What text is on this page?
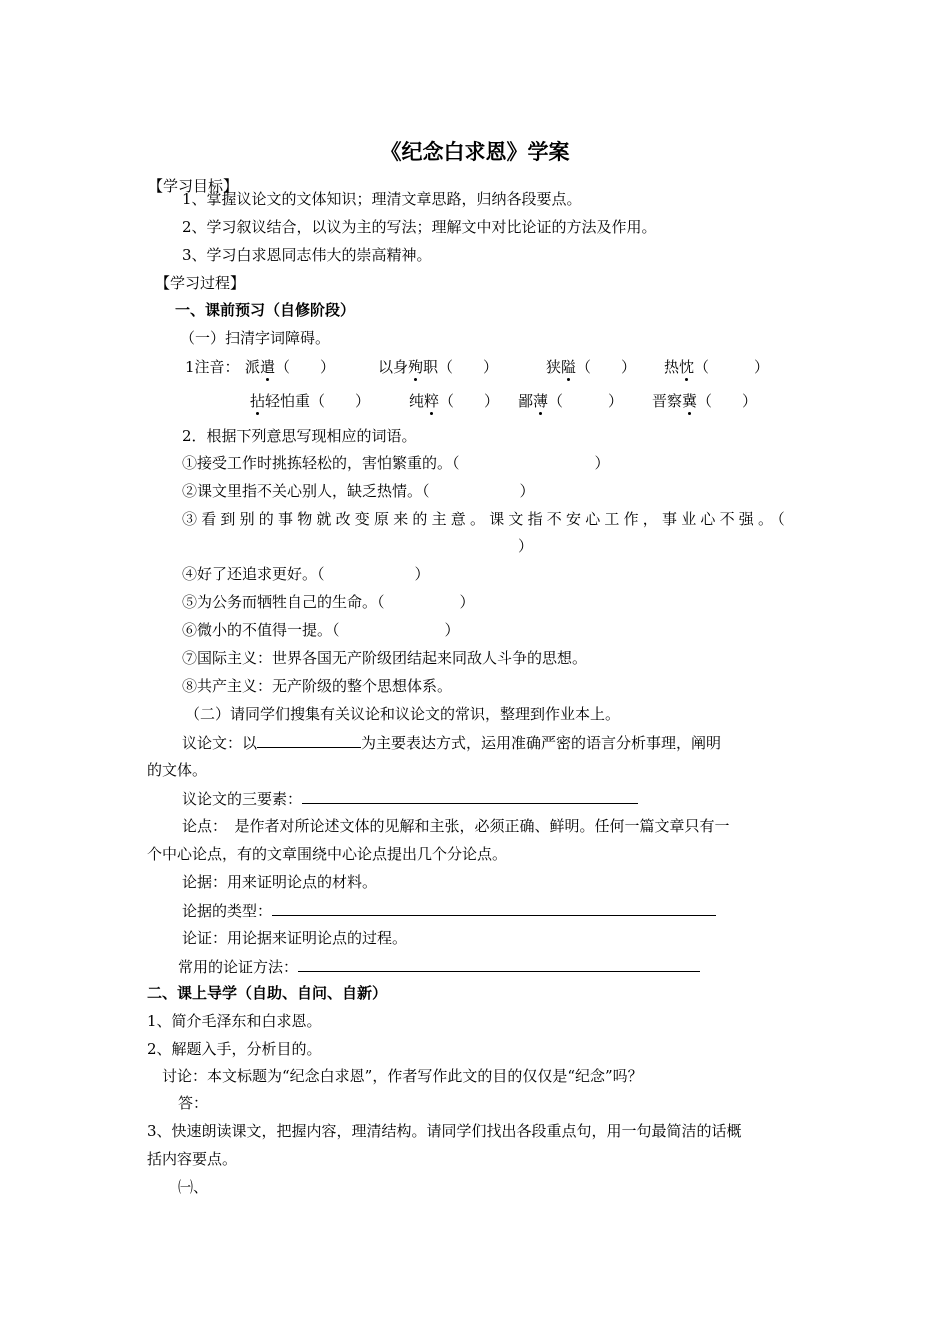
《纪念白求恩》学案
【学习目标】
1、掌握议论文的文体知识；理清文章思路，归纳各段要点。
2、学习叙议结合，以议为主的写法；理解文中对比论证的方法及作用。
3、学习白求恩同志伟大的崇高精神。
【学习过程】
一、课前预习（自修阶段）
（一）扫清字词障碍。
1注音： 派遣（　　）	以身殉职（　　）	狭隘（　　） 热忱（　　　）
拈轻怕重（　　）	纯粹（　　） 鄙薄（　　　） 晋察冀（　　）
2．根据下列意思写现相应的词语。
①接受工作时挑拣轻松的，害怕繁重的。（　　　　　　　　　）
②课文里指不关心别人，缺乏热情。（　　　　　　）
③看到别的事物就改变原来的主意。课文指不安心工作，事业心不强。（
）
④好了还追求更好。（　　　　　　）
⑤为公务而牺牲自己的生命。（　　　　　）
⑥微小的不值得一提。（　　　　　　　）
⑦国际主义：世界各国无产阶级团结起来同敌人斗争的思想。
⑧共产主义：无产阶级的整个思想体系。
（二）请同学们搜集有关议论和议论文的常识，整理到作业本上。
议论文：以	为主要表达方式，运用准确严密的语言分析事理，阐明
的文体。
议论文的三要素：
论点：　是作者对所论述文体的见解和主张，必须正确、鲜明。任何一篇文章只有一
个中心论点，有的文章围绕中心论点提出几个分论点。
论据：用来证明论点的材料。
论据的类型：
论证：用论据来证明论点的过程。
常用的论证方法：
二、课上导学（自助、自问、自新）
1、简介毛泽东和白求恩。
2、解题入手，分析目的。
讨论：本文标题为“纪念白求恩”，作者写作此文的目的仅仅是“纪念”吗？
答：
3、快速朗读课文，把握内容，理清结构。请同学们找出各段重点句，用一句最简洁的话概
括内容要点。
㈠、
